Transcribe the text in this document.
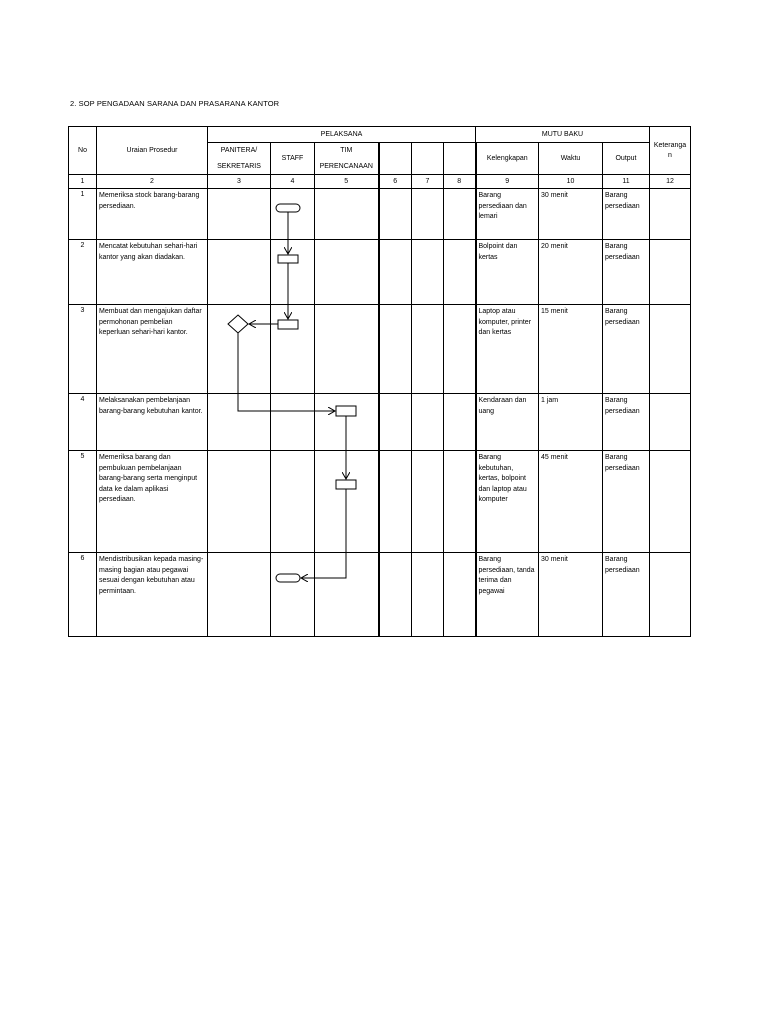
2. SOP PENGADAAN SARANA DAN PRASARANA KANTOR
No	Uraian Prosedur	PELAKSANA						MUTU BAKU			Keteranga
n

		PANITERA/
SEKRETARIS	STAFF	TIM
PERENCANAAN				Kelengkapan	Waktu	Output	
1	2	3	4	5	6	7	8	9	10	11	12

1	Memeriksa stock barang-barang persediaan.							Barang persediaan dan lemari	30 menit	Barang persediaan	

2	Mencatat kebutuhan sehari-hari kantor yang akan diadakan.							Bolpoint dan kertas	20 menit	Barang persediaan	

3	Membuat dan mengajukan daftar permohonan pembelian keperluan sehari-hari kantor.							Laptop atau komputer, printer dan kertas	15 menit	Barang persediaan	

4	Melaksanakan pembelanjaan barang-barang kebutuhan kantor.							Kendaraan dan uang	1 jam	Barang persediaan	

5	Memeriksa barang dan pembukuan pembelanjaan barang-barang serta menginput data ke dalam aplikasi persediaan.							Barang kebutuhan, kertas, bolpoint dan laptop atau komputer	45 menit	Barang persediaan	

6	Mendistribusikan kepada masing-masing bagian atau pegawai sesuai dengan kebutuhan atau permintaan.							Barang persediaan, tanda terima dan pegawai	30 menit	Barang persediaan	
